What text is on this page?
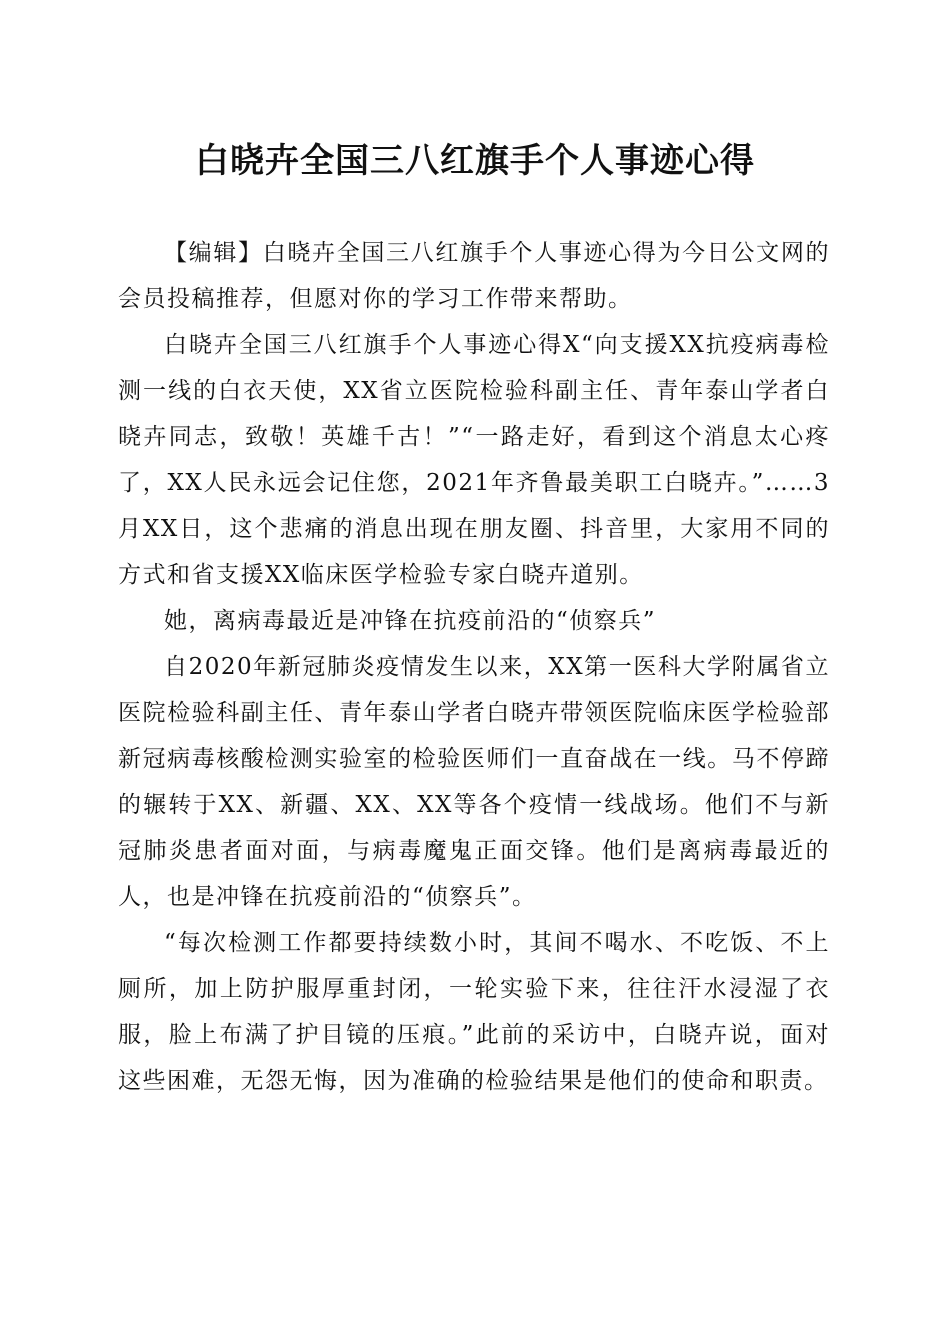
白晓卉全国三八红旗手个人事迹心得

【编辑】白晓卉全国三八红旗手个人事迹心得为今日公文网的会员投稿推荐，但愿对你的学习工作带来帮助。

白晓卉全国三八红旗手个人事迹心得X“向支援XX抗疫病毒检测一线的白衣天使，XX省立医院检验科副主任、青年泰山学者白晓卉同志，致敬！英雄千古！”“一路走好，看到这个消息太心疼了，XX人民永远会记住您，2021年齐鲁最美职工白晓卉。”……3月XX日，这个悲痛的消息出现在朋友圈、抖音里，大家用不同的方式和省支援XX临床医学检验专家白晓卉道别。

她，离病毒最近是冲锋在抗疫前沿的“侦察兵”

自2020年新冠肺炎疫情发生以来，XX第一医科大学附属省立医院检验科副主任、青年泰山学者白晓卉带领医院临床医学检验部新冠病毒核酸检测实验室的检验医师们一直奋战在一线。马不停蹄的辗转于XX、新疆、XX、XX等各个疫情一线战场。他们不与新冠肺炎患者面对面，与病毒魔鬼正面交锋。他们是离病毒最近的人，也是冲锋在抗疫前沿的“侦察兵”。

“每次检测工作都要持续数小时，其间不喝水、不吃饭、不上厕所，加上防护服厚重封闭，一轮实验下来，往往汗水浸湿了衣服，脸上布满了护目镜的压痕。”此前的采访中，白晓卉说，面对这些困难，无怨无悔，因为准确的检验结果是他们的使命和职责。
